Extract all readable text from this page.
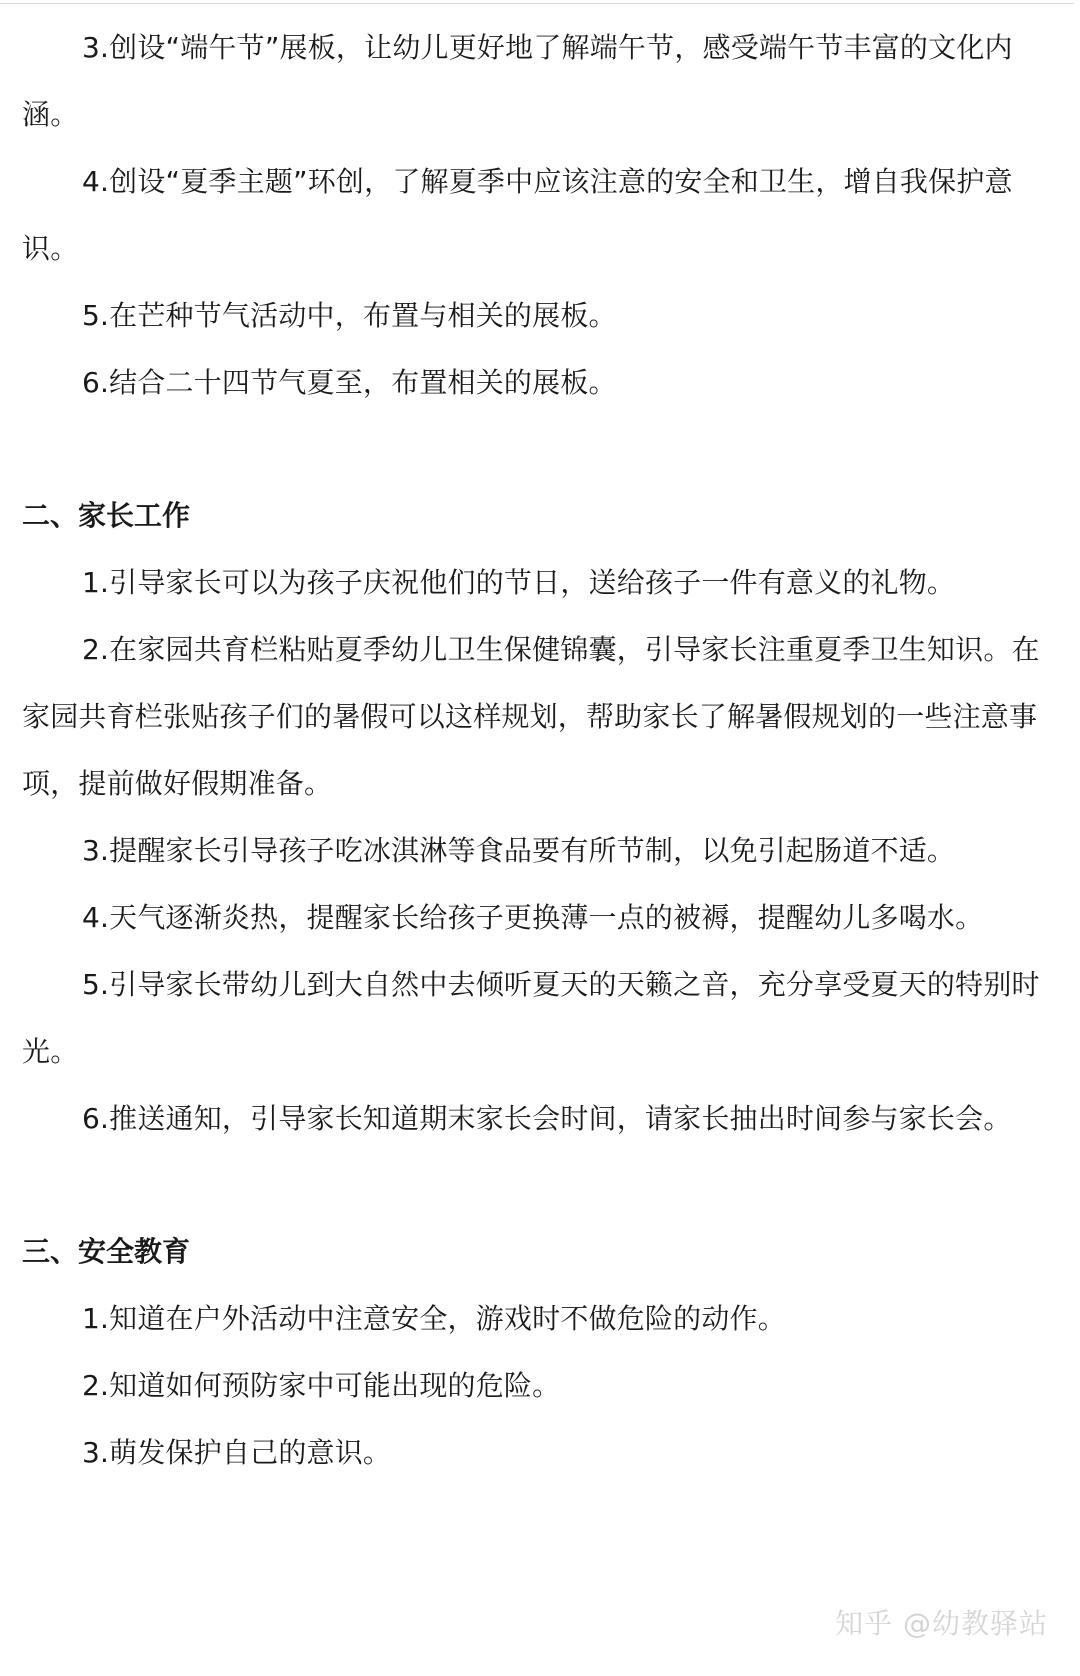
3.创设“端午节”展板，让幼儿更好地了解端午节，感受端午节丰富的文化内涵。

4.创设“夏季主题”环创，了解夏季中应该注意的安全和卫生，增自我保护意识。

5.在芒种节气活动中，布置与相关的展板。

6.结合二十四节气夏至，布置相关的展板。

二、家长工作

1.引导家长可以为孩子庆祝他们的节日，送给孩子一件有意义的礼物。

2.在家园共育栏粘贴夏季幼儿卫生保健锦囊，引导家长注重夏季卫生知识。在家园共育栏张贴孩子们的暑假可以这样规划，帮助家长了解暑假规划的一些注意事项，提前做好假期准备。

3.提醒家长引导孩子吃冰淇淋等食品要有所节制，以免引起肠道不适。

4.天气逐渐炎热，提醒家长给孩子更换薄一点的被褥，提醒幼儿多喝水。

5.引导家长带幼儿到大自然中去倾听夏天的天籁之音，充分享受夏天的特别时光。

6.推送通知，引导家长知道期末家长会时间，请家长抽出时间参与家长会。

三、安全教育

1.知道在户外活动中注意安全，游戏时不做危险的动作。

2.知道如何预防家中可能出现的危险。

3.萌发保护自己的意识。

知乎 @幼教驿站
